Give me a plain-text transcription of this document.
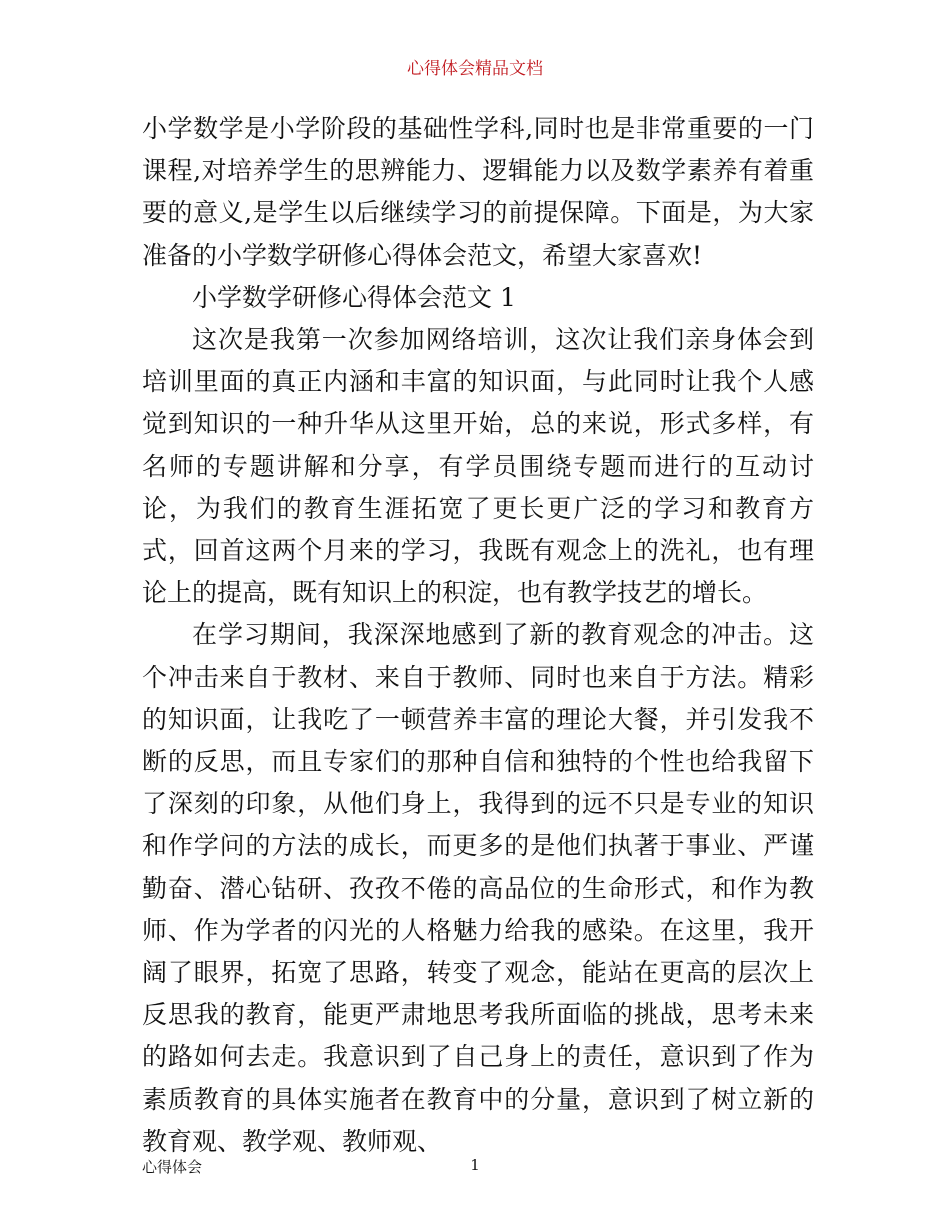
心得体会精品文档

小学数学是小学阶段的基础性学科,同时也是非常重要的一门课程,对培养学生的思辨能力、逻辑能力以及数学素养有着重要的意义,是学生以后继续学习的前提保障。下面是，为大家准备的小学数学研修心得体会范文，希望大家喜欢!

小学数学研修心得体会范文 1

这次是我第一次参加网络培训，这次让我们亲身体会到培训里面的真正内涵和丰富的知识面，与此同时让我个人感觉到知识的一种升华从这里开始，总的来说，形式多样，有名师的专题讲解和分享，有学员围绕专题而进行的互动讨论，为我们的教育生涯拓宽了更长更广泛的学习和教育方式，回首这两个月来的学习，我既有观念上的洗礼，也有理论上的提高，既有知识上的积淀，也有教学技艺的增长。

在学习期间，我深深地感到了新的教育观念的冲击。这个冲击来自于教材、来自于教师、同时也来自于方法。精彩的知识面，让我吃了一顿营养丰富的理论大餐，并引发我不断的反思，而且专家们的那种自信和独特的个性也给我留下了深刻的印象，从他们身上，我得到的远不只是专业的知识和作学问的方法的成长，而更多的是他们执著于事业、严谨勤奋、潜心钻研、孜孜不倦的高品位的生命形式，和作为教师、作为学者的闪光的人格魅力给我的感染。在这里，我开阔了眼界，拓宽了思路，转变了观念，能站在更高的层次上反思我的教育，能更严肃地思考我所面临的挑战，思考未来的路如何去走。我意识到了自己身上的责任，意识到了作为素质教育的具体实施者在教育中的分量，意识到了树立新的教育观、教学观、教师观、

心得体会	1
